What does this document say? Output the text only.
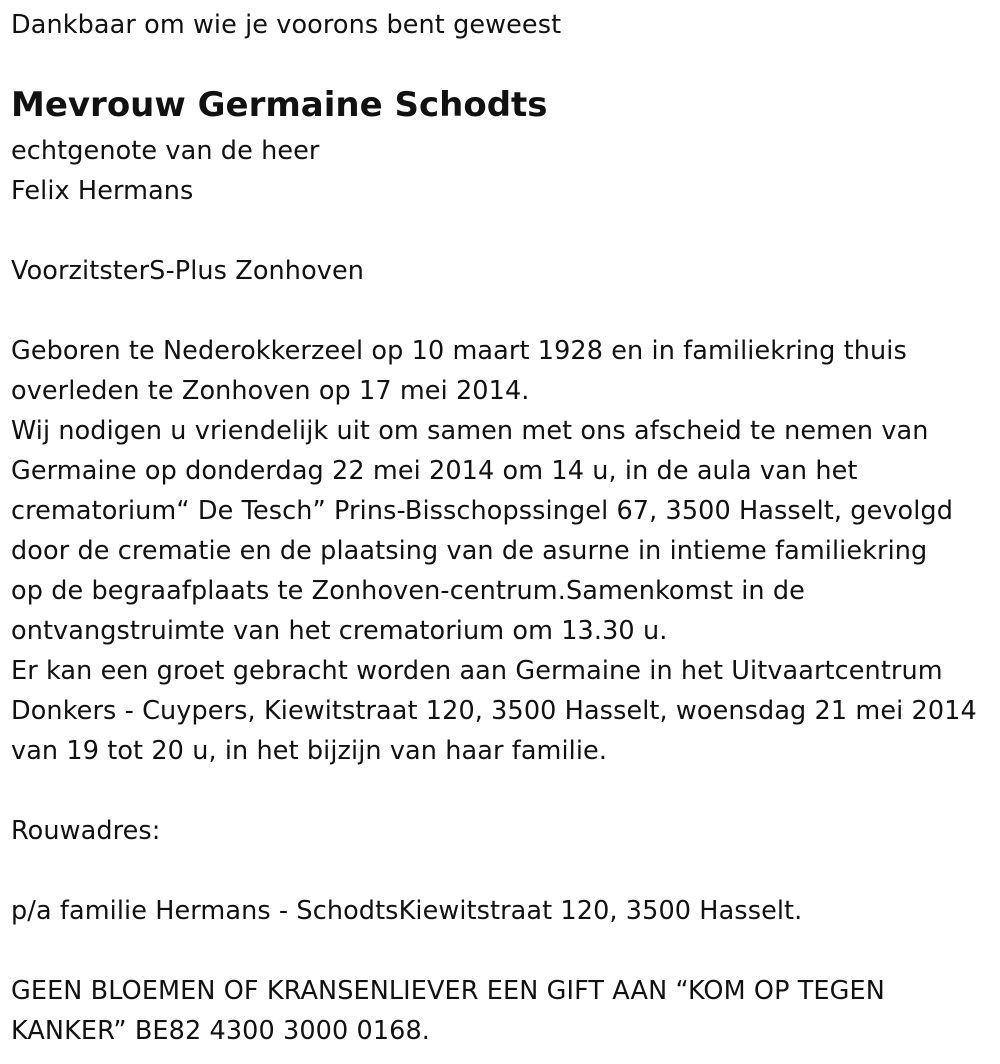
Dankbaar om wie je voorons bent geweest
Mevrouw Germaine Schodts
echtgenote van de heer
Felix Hermans
VoorzitsterS-Plus Zonhoven
Geboren te Nederokkerzeel op 10 maart 1928 en in familiekring thuis
overleden te Zonhoven op 17 mei 2014.
Wij nodigen u vriendelijk uit om samen met ons afscheid te nemen van
Germaine op donderdag 22 mei 2014 om 14 u, in de aula van het
crematorium“ De Tesch” Prins-Bisschopssingel 67, 3500 Hasselt, gevolgd
door de crematie en de plaatsing van de asurne in intieme familiekring
op de begraafplaats te Zonhoven-centrum.Samenkomst in de
ontvangstruimte van het crematorium om 13.30 u.
Er kan een groet gebracht worden aan Germaine in het Uitvaartcentrum
Donkers - Cuypers, Kiewitstraat 120, 3500 Hasselt, woensdag 21 mei 2014
van 19 tot 20 u, in het bijzijn van haar familie.
Rouwadres:
p/a familie Hermans - SchodtsKiewitstraat 120, 3500 Hasselt.
GEEN BLOEMEN OF KRANSENLIEVER EEN GIFT AAN “KOM OP TEGEN
KANKER” BE82 4300 3000 0168.
